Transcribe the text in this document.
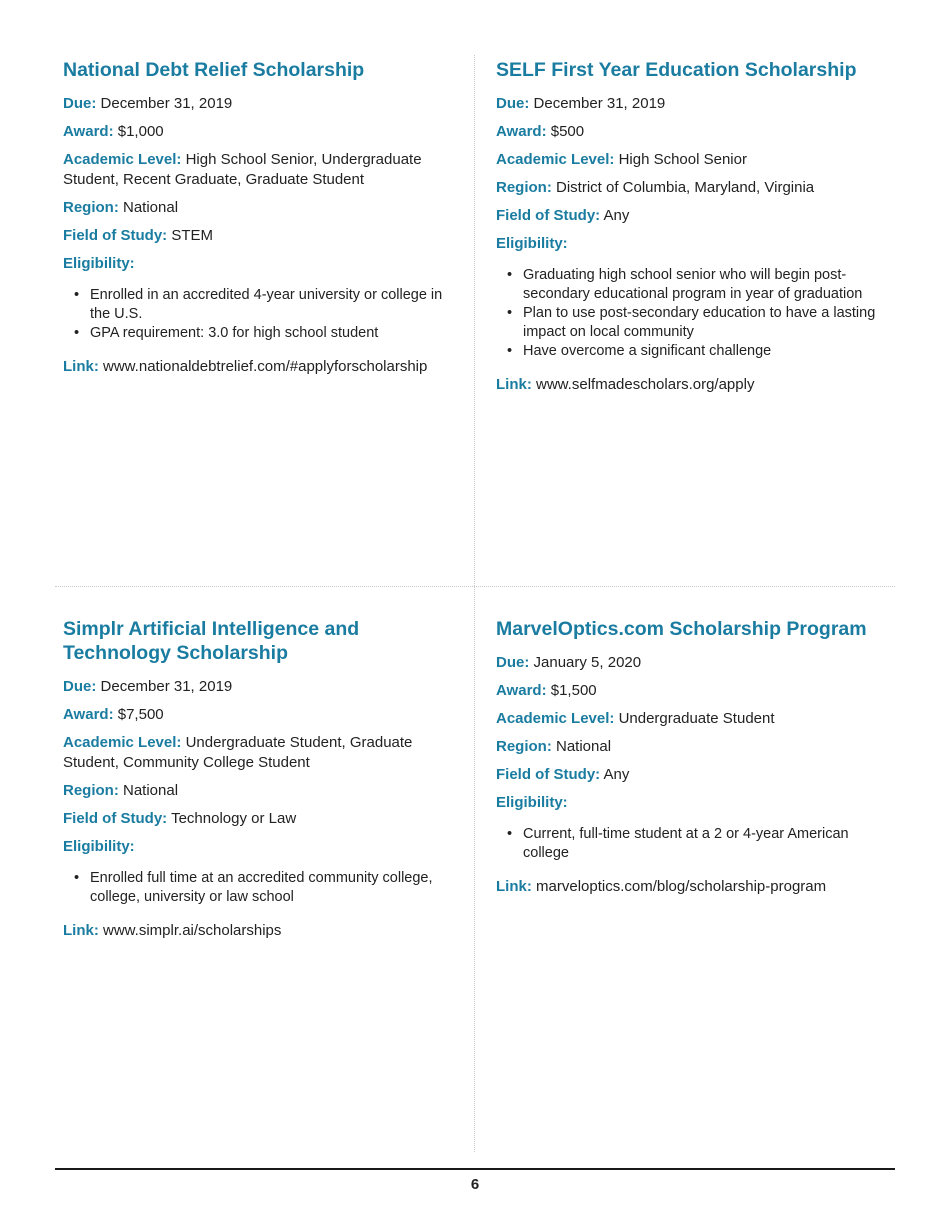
National Debt Relief Scholarship

Due: December 31, 2019

Award: $1,000

Academic Level: High School Senior, Undergraduate Student, Recent Graduate, Graduate Student

Region: National

Field of Study: STEM

Eligibility:

• Enrolled in an accredited 4-year university or college in the U.S.
• GPA requirement: 3.0 for high school student

Link: www.nationaldebtrelief.com/#applyforscholarship

SELF First Year Education Scholarship

Due: December 31, 2019

Award: $500

Academic Level: High School Senior

Region: District of Columbia, Maryland, Virginia

Field of Study: Any

Eligibility:

• Graduating high school senior who will begin post-secondary educational program in year of graduation
• Plan to use post-secondary education to have a lasting impact on local community
• Have overcome a significant challenge

Link: www.selfmadescholars.org/apply

Simplr Artificial Intelligence and Technology Scholarship

Due: December 31, 2019

Award: $7,500

Academic Level: Undergraduate Student, Graduate Student, Community College Student

Region: National

Field of Study: Technology or Law

Eligibility:

• Enrolled full time at an accredited community college, college, university or law school

Link: www.simplr.ai/scholarships

MarvelOptics.com Scholarship Program

Due: January 5, 2020

Award: $1,500

Academic Level: Undergraduate Student

Region: National

Field of Study: Any

Eligibility:

• Current, full-time student at a 2 or 4-year American college

Link: marveloptics.com/blog/scholarship-program

6
